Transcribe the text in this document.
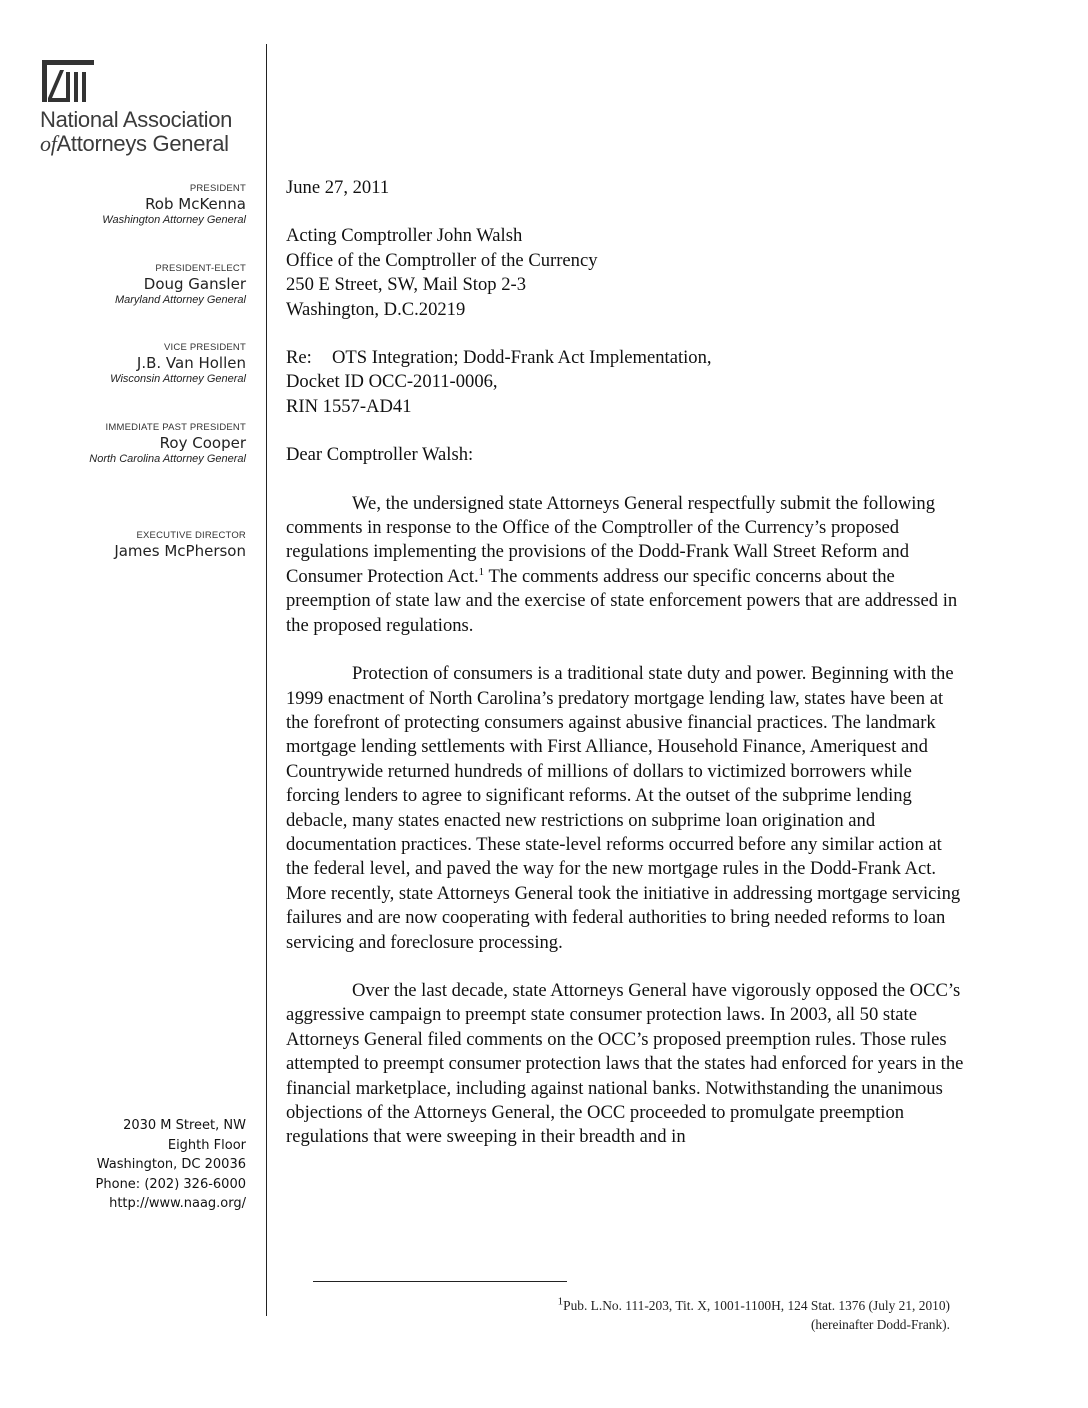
National Association
ofAttorneys General
PRESIDENT
Rob McKenna
Washington Attorney General
PRESIDENT-ELECT
Doug Gansler
Maryland Attorney General
VICE PRESIDENT
J.B. Van Hollen
Wisconsin Attorney General
IMMEDIATE PAST PRESIDENT
Roy Cooper
North Carolina Attorney General
EXECUTIVE DIRECTOR
James McPherson
2030 M Street, NW
Eighth Floor
Washington, DC 20036
Phone: (202) 326-6000
http://www.naag.org/

June 27, 2011

Acting Comptroller John Walsh

Office of the Comptroller of the Currency

250 E Street, SW, Mail Stop 2-3

Washington, D.C.20219

Re:	OTS Integration; Dodd-Frank Act Implementation,

Docket ID OCC-2011-0006,

RIN 1557-AD41

Dear Comptroller Walsh:

We, the undersigned state Attorneys General respectfully submit the following comments in response to the Office of the Comptroller of the Currency’s proposed regulations implementing the provisions of the Dodd-Frank Wall Street Reform and Consumer Protection Act.$^1$ The comments address our specific concerns about the preemption of state law and the exercise of state enforcement powers that are addressed in the proposed regulations.

Protection of consumers is a traditional state duty and power. Beginning with the 1999 enactment of North Carolina’s predatory mortgage lending law, states have been at the forefront of protecting consumers against abusive financial practices. The landmark mortgage lending settlements with First Alliance, Household Finance, Ameriquest and Countrywide returned hundreds of millions of dollars to victimized borrowers while forcing lenders to agree to significant reforms. At the outset of the subprime lending debacle, many states enacted new restrictions on subprime loan origination and documentation practices. These state-level reforms occurred before any similar action at the federal level, and paved the way for the new mortgage rules in the Dodd-Frank Act. More recently, state Attorneys General took the initiative in addressing mortgage servicing failures and are now cooperating with federal authorities to bring needed reforms to loan servicing and foreclosure processing.

Over the last decade, state Attorneys General have vigorously opposed the OCC’s aggressive campaign to preempt state consumer protection laws. In 2003, all 50 state Attorneys General filed comments on the OCC’s proposed preemption rules. Those rules attempted to preempt consumer protection laws that the states had enforced for years in the financial marketplace, including against national banks. Notwithstanding the unanimous objections of the Attorneys General, the OCC proceeded to promulgate preemption regulations that were sweeping in their breadth and in

$^1$Pub. L.No. 111-203, Tit. X, 1001-1100H, 124 Stat. 1376 (July 21, 2010)
(hereinafter Dodd-Frank).
